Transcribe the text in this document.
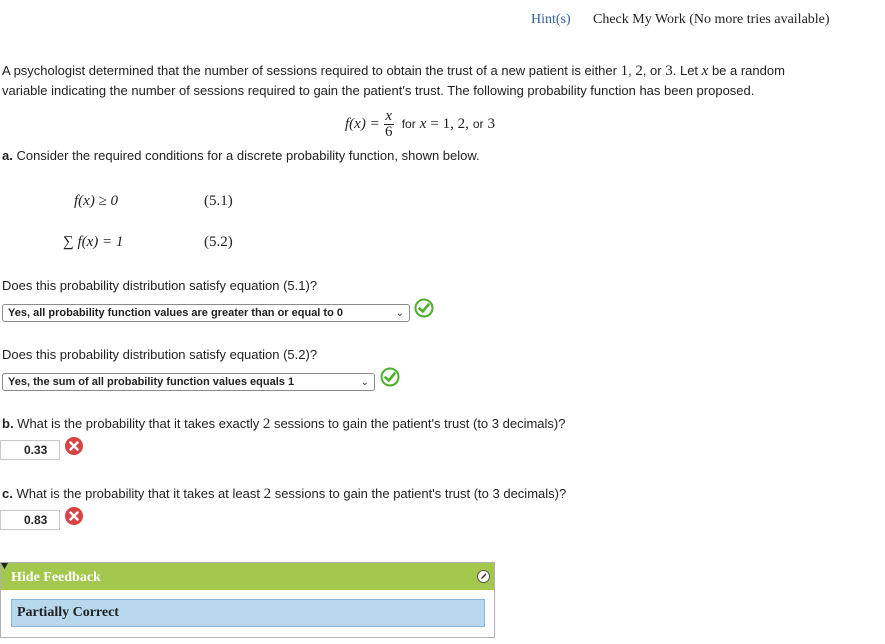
Hint(s) Check My Work (No more tries available)
A psychologist determined that the number of sessions required to obtain the trust of a new patient is either 1, 2, or 3. Let x be a random
variable indicating the number of sessions required to gain the patient's trust. The following probability function has been proposed.
$f(x) = \frac{x}{6}$ for x = 1, 2, or 3
a. Consider the required conditions for a discrete probability function, shown below.
f(x) ≥ 0	(5.1)
∑ f(x) = 1	(5.2)
Does this probability distribution satisfy equation (5.1)?
Yes, all probability function values are greater than or equal to 0	⌄
Does this probability distribution satisfy equation (5.2)?
Yes, the sum of all probability function values equals 1	⌄
b. What is the probability that it takes exactly 2 sessions to gain the patient's trust (to 3 decimals)?
0.33
c. What is the probability that it takes at least 2 sessions to gain the patient's trust (to 3 decimals)?
0.83
Hide Feedback
Partially Correct
